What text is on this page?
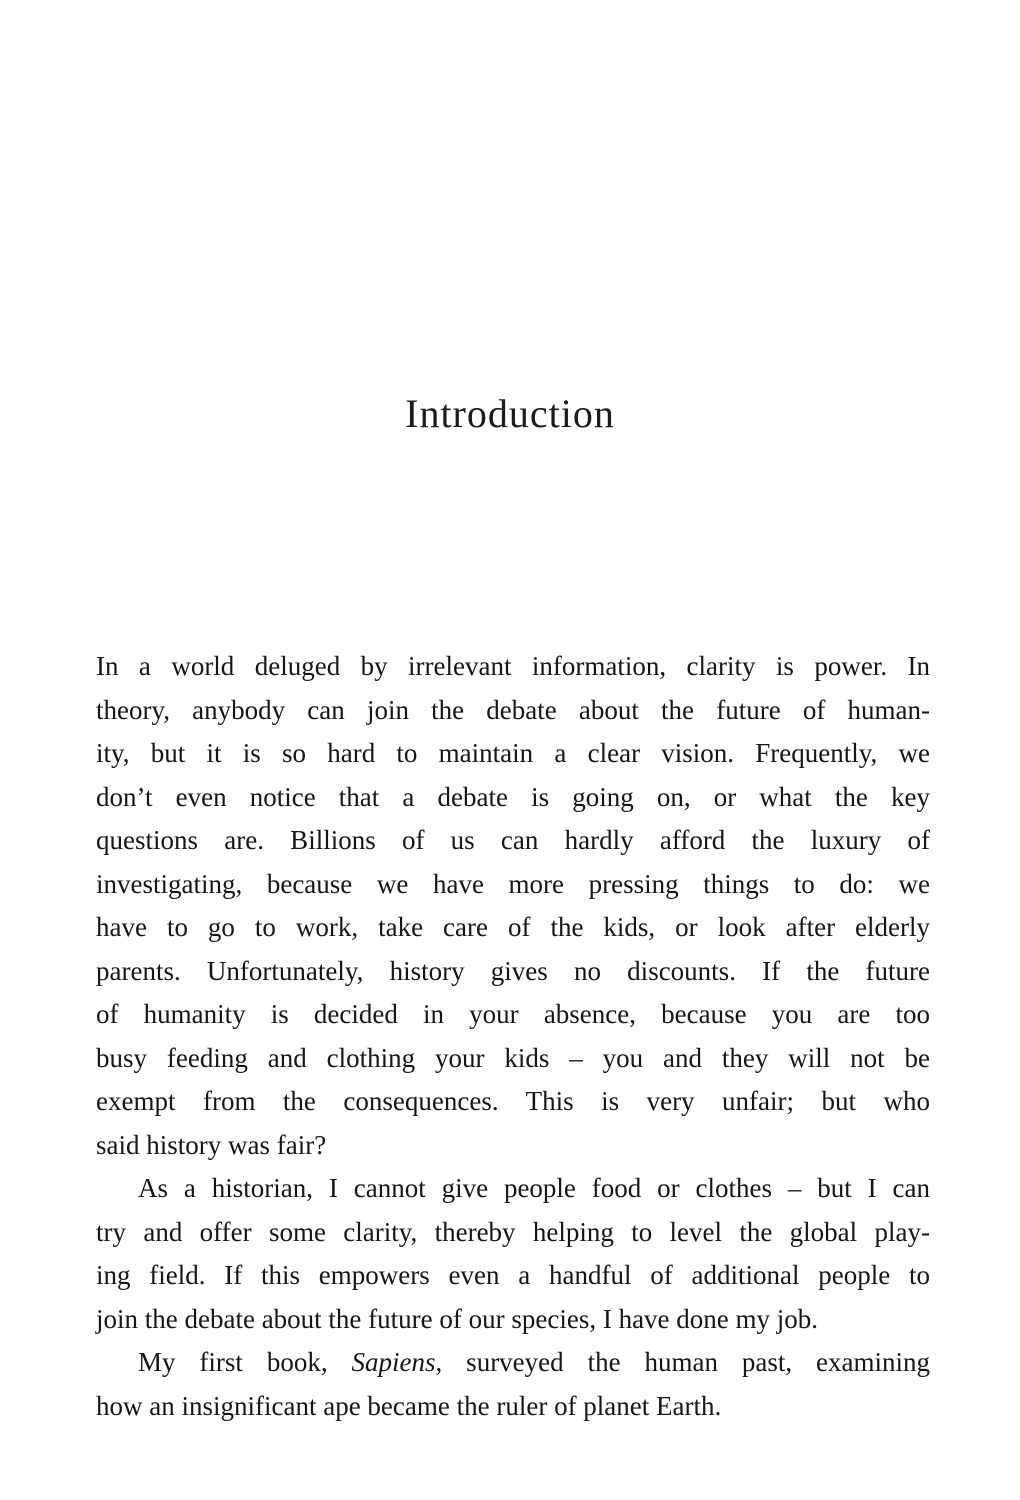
Introduction
In a world deluged by irrelevant information, clarity is power. In
theory, anybody can join the debate about the future of human-
ity, but it is so hard to maintain a clear vision. Frequently, we
don’t even notice that a debate is going on, or what the key
questions are. Billions of us can hardly afford the luxury of
investigating, because we have more pressing things to do: we
have to go to work, take care of the kids, or look after elderly
parents. Unfortunately, history gives no discounts. If the future
of humanity is decided in your absence, because you are too
busy feeding and clothing your kids – you and they will not be
exempt from the consequences. This is very unfair; but who
said history was fair?
As a historian, I cannot give people food or clothes – but I can
try and offer some clarity, thereby helping to level the global play-
ing field. If this empowers even a handful of additional people to
join the debate about the future of our species, I have done my job.
My first book, Sapiens, surveyed the human past, examining
how an insignificant ape became the ruler of planet Earth.
